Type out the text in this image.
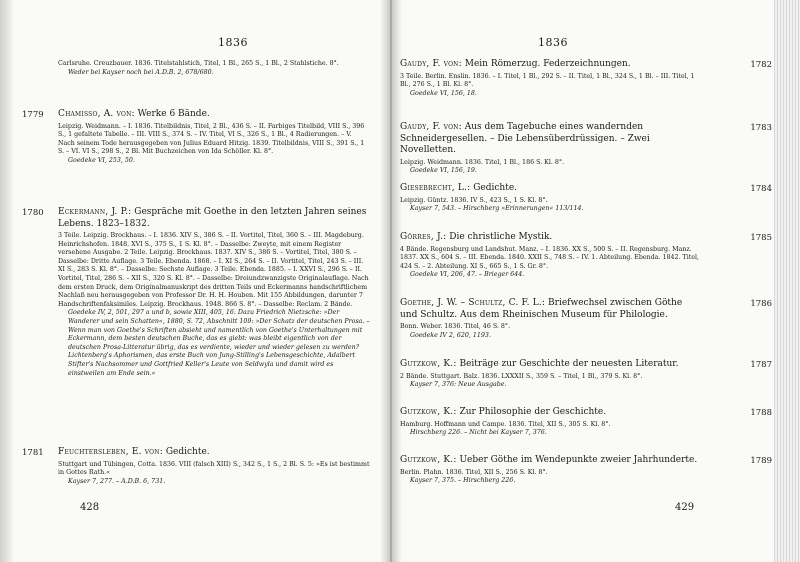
1836
Carlsruhe. Creuzbauer. 1836. Titelstahlstich, Titel, 1 Bl., 265 S., 1 Bl., 2 Stahlstiche. 8°.
Weder bei Kayser noch bei A.D.B. 2, 678/680.
1779 Chamisso, A. von: Werke 6 Bände.
Leipzig. Weidmann. – I. 1836. Titelbildnis, Titel, 2 Bl., 436 S. – II. Farbiges Titelbild, VIII S., 396 S., 1 gefaltete Tabelle. – III. VIII S., 374 S. – IV. Titel, VI S., 326 S., 1 Bl., 4 Radierungen. – V. Nach seinem Tode herausgegeben von Julius Eduard Hitzig. 1839. Titelbildnis, VIII S., 391 S., 1 S. – VI. VI S., 298 S., 2 Bl. Mit Buchzeichen von Ida Schöller. Kl. 8°.
Goedeke VI, 253, 50.
1780 Eckermann, J. P.: Gespräche mit Goethe in den letzten Jahren seines Lebens. 1823–1832.
3 Teile. Leipzig. Brockhaus. – I. 1836. XIV S., 386 S. – II. Vortitel, Titel, 360 S. – III. Magdeburg. Heinrichshofen. 1848. XVI S., 375 S., 1 S. Kl. 8°. – Dasselbe: Zweyte, mit einem Register versehene Ausgabe. 2 Teile. Leipzig. Brockhaus. 1837. XIV S., 386 S. – Vortitel, Titel, 380 S. – Dasselbe: Dritte Auflage. 3 Teile. Ebenda. 1868. – I. XI S., 264 S. – II. Vortitel, Titel, 243 S. – III. XI S., 283 S. Kl. 8°. – Dasselbe: Sechste Auflage. 3 Teile. Ebenda. 1885. – I. XXVI S., 296 S. – II. Vortitel, Titel, 286 S. – XII S., 320 S. Kl. 8°. – Dasselbe: Dreiundzwanzigste Originalauflage. Nach dem ersten Druck, dem Originalmanuskript des dritten Teils und Eckermanns handschriftlichem Nachlaß neu herausgegeben von Professor Dr. H. H. Houben. Mit 155 Abbildungen, darunter 7 Handschriftenfaksimiles. Leipzig. Brockhaus. 1948. 866 S. 8°. – Dasselbe: Reclam. 2 Bände.
Goedeke IV, 2, 501, 297 a und b, sowie XIII, 405, 16. Dazu Friedrich Nietzsche: »Der Wanderer und sein Schatten«, 1880, S. 72, Abschnitt 109: »Der Schatz der deutschen Prosa. – Wenn man von Goethe's Schriften absieht und namentlich von Goethe's Unterhaltungen mit Eckermann, dem besten deutschen Buche, das es giebt: was bleibt eigentlich von der deutschen Prosa-Litteratur übrig, das es verdiente, wieder und wieder gelesen zu werden? Lichtenberg's Aphorismen, das erste Buch von Jung-Stilling's Lebensgeschichte, Adalbert Stifter's Nachsommer und Gottfried Keller's Leute von Seldwyla und damit wird es einstweilen am Ende sein.«
1781 Feuchtersleben, E. von: Gedichte.
Stuttgart und Tübingen, Cotta. 1836. VIII (falsch XIII) S., 342 S., 1 S., 2 Bl. S. 5: »Es ist bestimmt in Gottes Rath.«
Kayser 7, 277. – A.D.B. 6, 731.
428
1836
1782
Gaudy, F. von: Mein Römerzug. Federzeichnungen.
3 Teile. Berlin. Enslin. 1836. – I. Titel, 1 Bl., 292 S. – II. Titel, 1 Bl., 324 S., 1 Bl. – III. Titel, 1 Bl., 276 S., 1 Bl. Kl. 8°.
Goedeke VI, 156, 18.
1783
Gaudy, F. von: Aus dem Tagebuche eines wandernden Schneidergesellen. – Die Lebensüberdrüssigen. – Zwei Novelletten.
Leipzig. Weidmann. 1836. Titel, 1 Bl., 186 S. Kl. 8°.
Goedeke VI, 156, 19.
1784
Giesebrecht, L.: Gedichte.
Leipzig. Güntz. 1836. IV S., 423 S., 1 S. Kl. 8°.
Kayser 7, 543. – Hirschberg »Erinnerungen« 113/114.
1785
Görres, J.: Die christliche Mystik.
4 Bände. Regensburg und Landshut. Manz. – I. 1836. XX S., 500 S. – II. Regensburg. Manz. 1837. XX S., 604 S. – III. Ebenda. 1840. XXII S., 748 S. – IV. 1. Abteilung. Ebenda. 1842. Titel, 424 S. – 2. Abteilung. XI S., 665 S., 1 S. Gr. 8°.
Goedeke VI, 206, 47. – Brieger 644.
1786
Goethe, J. W. – Schultz, C. F. L.: Briefwechsel zwischen Göthe und Schultz. Aus dem Rheinischen Museum für Philologie.
Bonn. Weber. 1836. Titel, 46 S. 8°.
Goedeke IV 2, 620, 1193.
1787
Gutzkow, K.: Beiträge zur Geschichte der neuesten Literatur.
2 Bände. Stuttgart. Balz. 1836. LXXXII S., 359 S. – Titel, 1 Bl., 379 S. Kl. 8°.
Kayser 7, 376: Neue Ausgabe.
1788
Gutzkow, K.: Zur Philosophie der Geschichte.
Hamburg. Hoffmann und Campe. 1836. Titel, XII S., 305 S. Kl. 8°.
Hirschberg 226. – Nicht bei Kayser 7, 376.
1789
Gutzkow, K.: Ueber Göthe im Wendepunkte zweier Jahrhunderte.
Berlin. Plahn. 1836. Titel, XII S., 256 S. Kl. 8°.
Kayser 7, 375. – Hirschberg 226.
429
